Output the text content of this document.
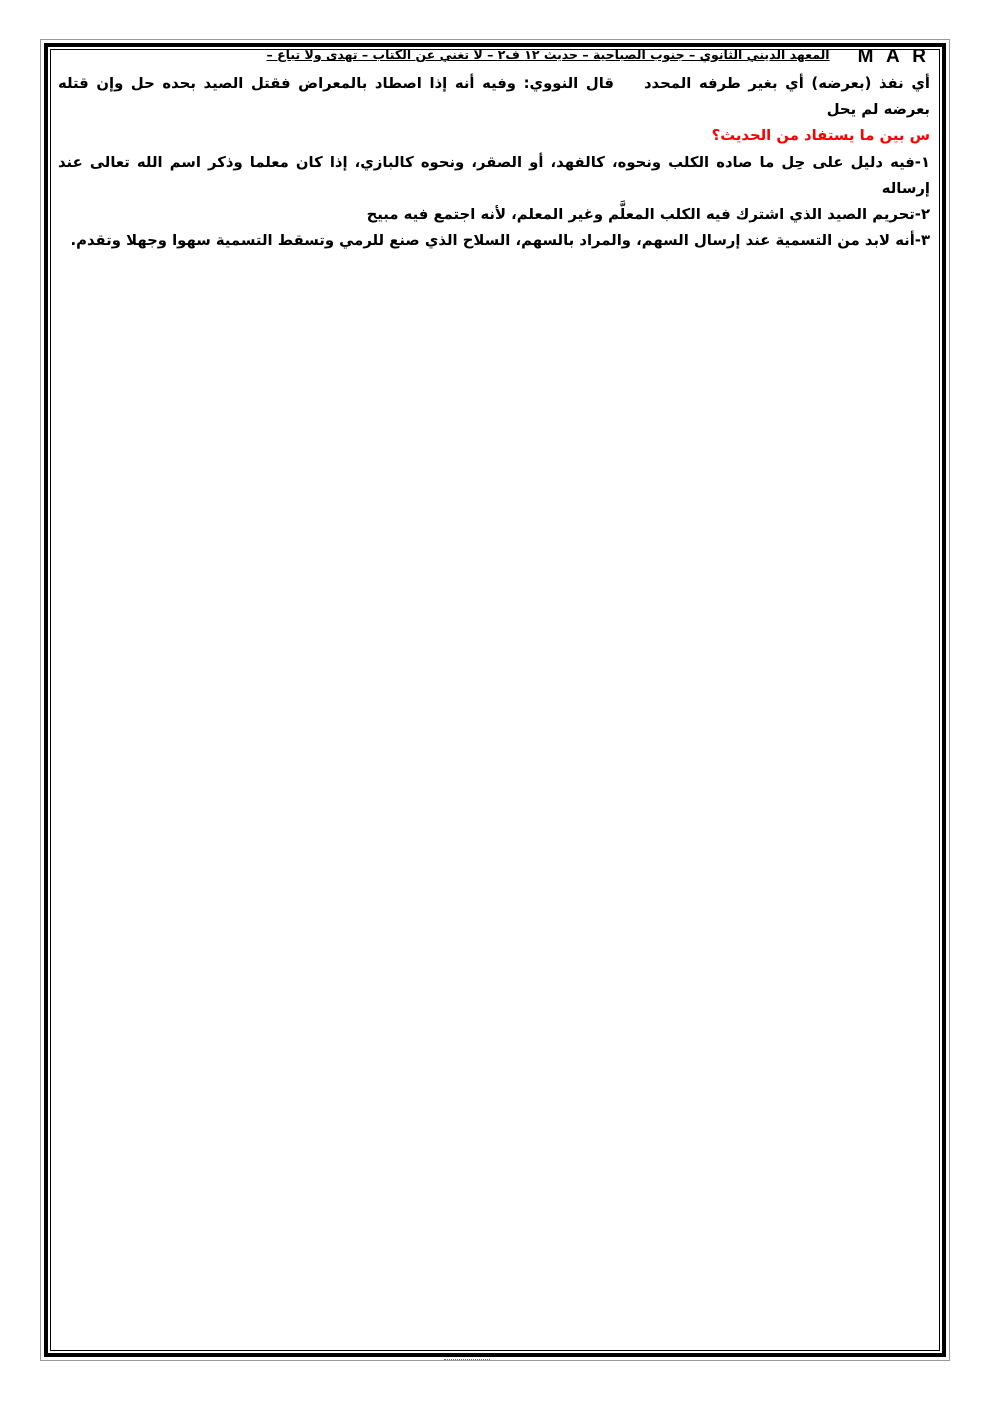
M A Rالمعهد الديني الثانوي – جنوب الصباحية – حديث ١٢ ف٢ – لا تغني عن الكتاب – تهدى ولا تباع –

أي نفذ (بعرضه) أي بغير طرفه المحددقال النووي: وفيه أنه إذا اصطاد بالمعراض فقتل الصيد بحده حل وإن قتله بعرضه لم يحل

س بين ما يستفاد من الحديث؟

١-فيه دليل على حِل ما صاده الكلب ونحوه، كالفهد، أو الصقر، ونحوه كالبازي، إذا كان معلما وذكر اسم الله تعالى عند إرساله

٢-تحريم الصيد الذي اشترك فيه الكلب المعلَّم وغير المعلم، لأنه اجتمع فيه مبيح

٣-أنه لابد من التسمية عند إرسال السهم، والمراد بالسهم، السلاح الذي صنع للرمي وتسقط التسمية سهوا وجهلا وتقدم.
